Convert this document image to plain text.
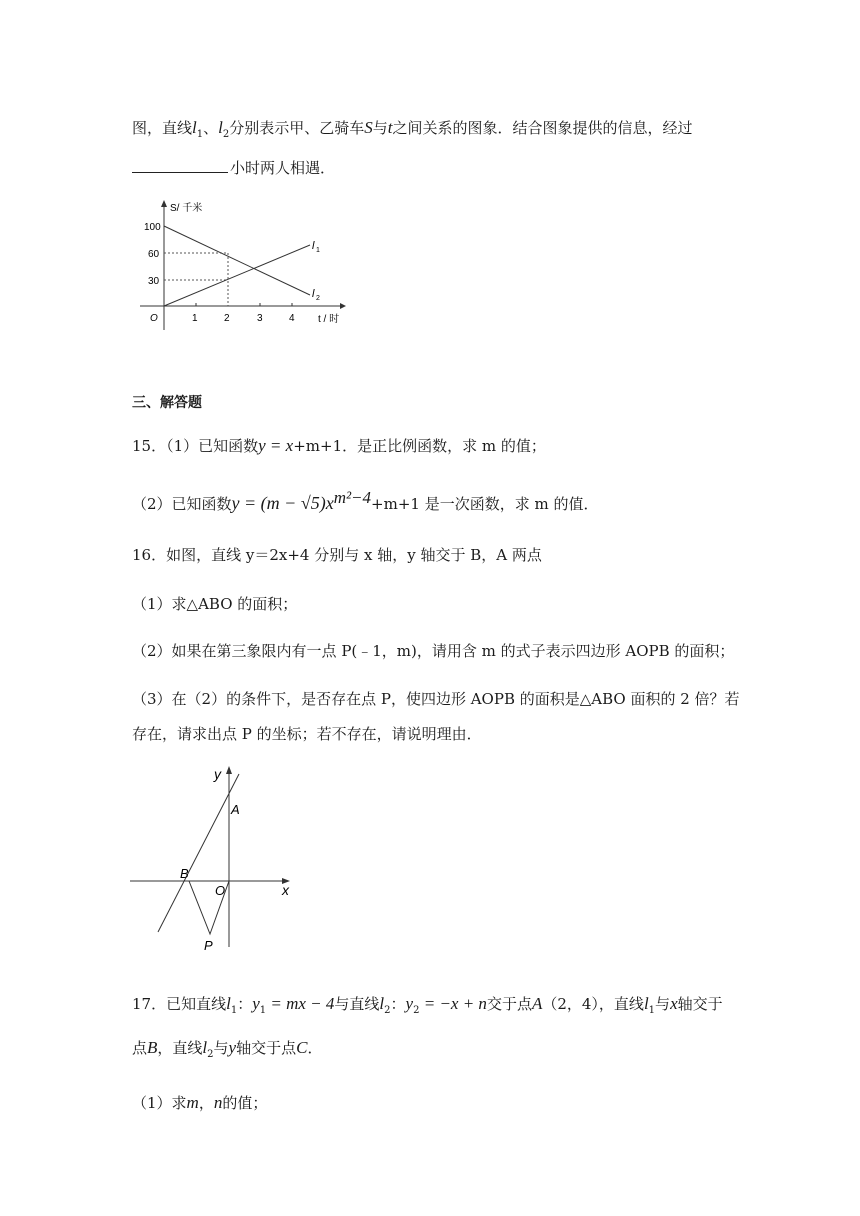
图，直线$l_1$、$l_2$分别表示甲、乙骑车S与t之间关系的图象．结合图象提供的信息，经过
小时两人相遇．
S/ 千米
t / 时
O
100
60
30
1	2	3	4
l 1
l 2
三、解答题
15．（1）已知函数y = x+m+1．是正比例函数，求 m 的值；
（2）已知函数$y = (m - √5)x^{m^2-4}+m+1$ 是一次函数，求 m 的值．
16．如图，直线 y＝2x+4 分别与 x 轴，y 轴交于 B，A 两点
（1）求△ABO 的面积；
（2）如果在第三象限内有一点 P(﹣1，m)，请用含 m 的式子表示四边形 AOPB 的面积；
（3）在（2）的条件下，是否存在点 P，使四边形 AOPB 的面积是△ABO 面积的 2 倍？若
存在，请求出点 P 的坐标；若不存在，请说明理由．
y
x
A
B
O
P
17．已知直线$l_1$：$y_1$ = mx − 4与直线$l_2$：$y_2 = -x + n$交于点A（2，4），直线$l_1$与x轴交于
点B，直线$l_2$与y轴交于点C．
（1）求m，n的值；
